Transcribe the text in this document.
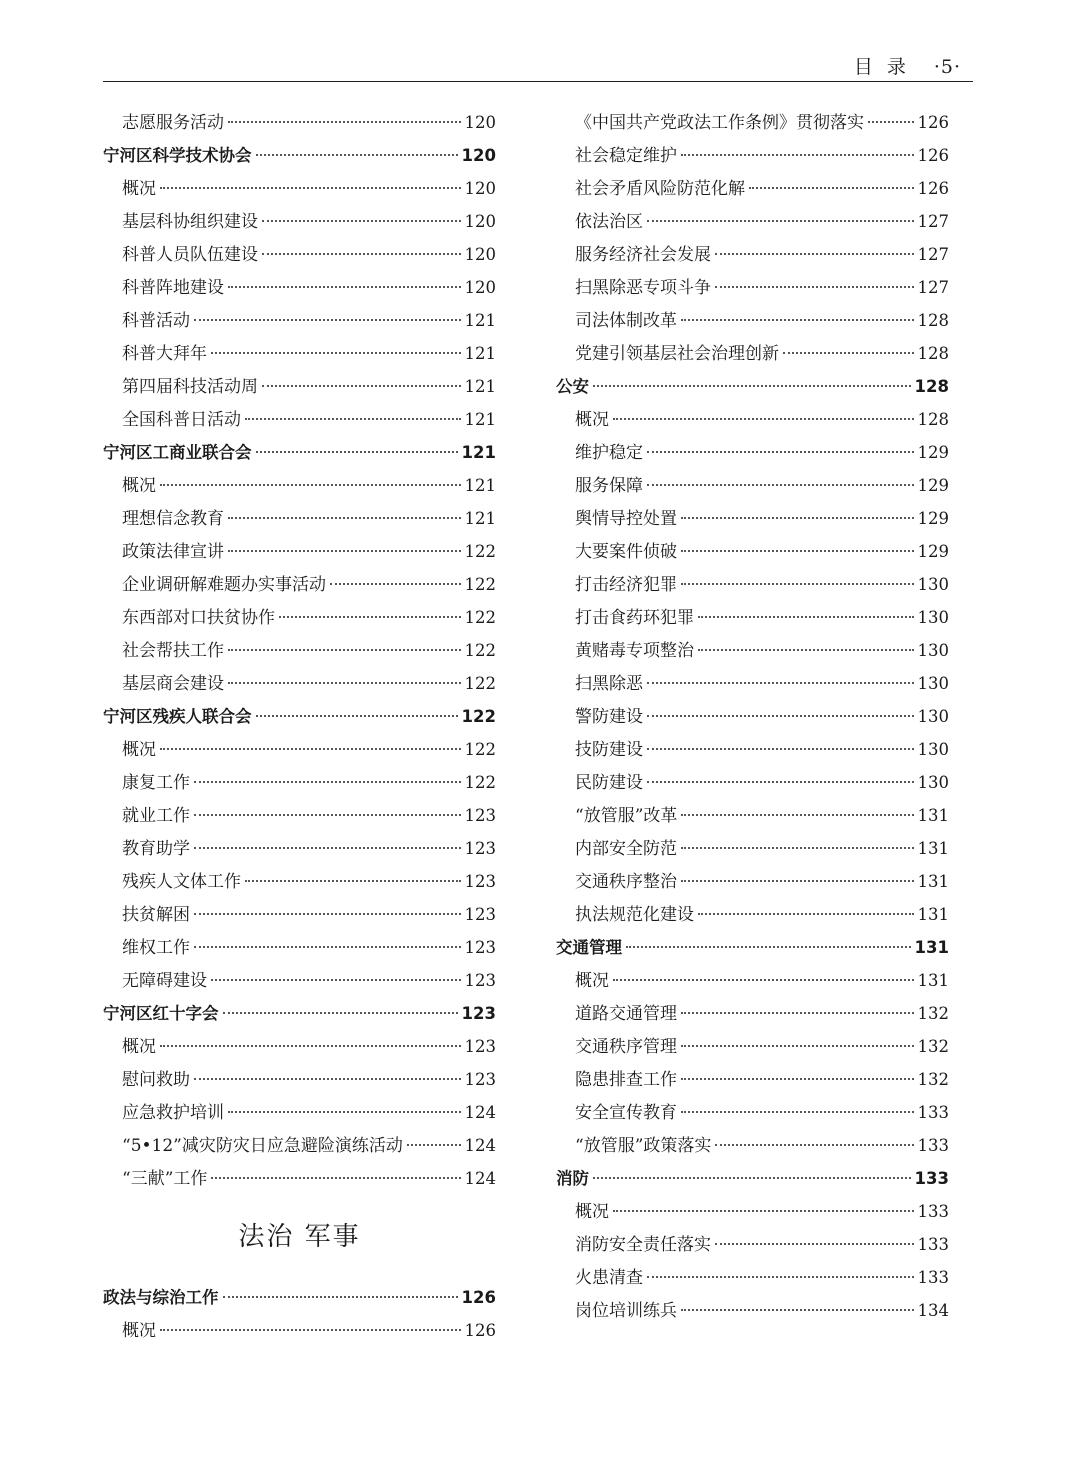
目录 ·5·
志愿服务活动	120
宁河区科学技术协会	120
概况	120
基层科协组织建设	120
科普人员队伍建设	120
科普阵地建设	120
科普活动	121
科普大拜年	121
第四届科技活动周	121
全国科普日活动	121
宁河区工商业联合会	121
概况	121
理想信念教育	121
政策法律宣讲	122
企业调研解难题办实事活动	122
东西部对口扶贫协作	122
社会帮扶工作	122
基层商会建设	122
宁河区残疾人联合会	122
概况	122
康复工作	122
就业工作	123
教育助学	123
残疾人文体工作	123
扶贫解困	123
维权工作	123
无障碍建设	123
宁河区红十字会	123
概况	123
慰问救助	123
应急救护培训	124
“5•12”减灾防灾日应急避险演练活动	124
“三献”工作	124
法治 军事
政法与综治工作	126
概况	126
《中国共产党政法工作条例》贯彻落实	126
社会稳定维护	126
社会矛盾风险防范化解	126
依法治区	127
服务经济社会发展	127
扫黑除恶专项斗争	127
司法体制改革	128
党建引领基层社会治理创新	128
公安	128
概况	128
维护稳定	129
服务保障	129
舆情导控处置	129
大要案件侦破	129
打击经济犯罪	130
打击食药环犯罪	130
黄赌毒专项整治	130
扫黑除恶	130
警防建设	130
技防建设	130
民防建设	130
“放管服”改革	131
内部安全防范	131
交通秩序整治	131
执法规范化建设	131
交通管理	131
概况	131
道路交通管理	132
交通秩序管理	132
隐患排查工作	132
安全宣传教育	133
“放管服”政策落实	133
消防	133
概况	133
消防安全责任落实	133
火患清查	133
岗位培训练兵	134
